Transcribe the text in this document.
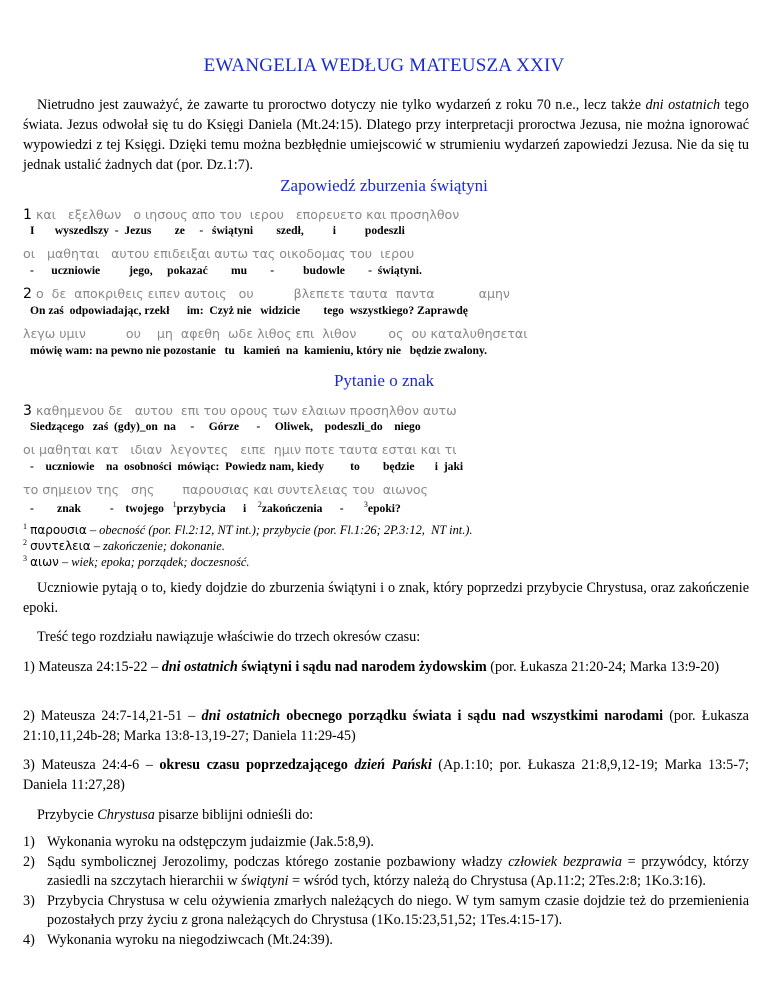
EWANGELIA WEDŁUG MATEUSZA XXIV
Nietrudno jest zauważyć, że zawarte tu proroctwo dotyczy nie tylko wydarzeń z roku 70 n.e., lecz także dni ostatnich tego świata. Jezus odwołał się tu do Księgi Daniela (Mt.24:15). Dlatego przy interpretacji proroctwa Jezusa, nie można ignorować wypowiedzi z tej Księgi. Dzięki temu można bezbłędnie umiejscowić w strumieniu wydarzeń zapowiedzi Jezusa. Nie da się tu jednak ustalić żadnych dat (por. Dz.1:7).
Zapowiedź zburzenia świątyni
1 και   εξελθων   ο ιησους απο του  ιερου   επορευετο και προσηλθον
I       wyszedłszy  -  Jezus        ze     -   świątyni        szedł,          i          podeszli
οι   μαθηται   αυτου επιδειξαι αυτω τας οικοδομας του  ιερου
-      uczniowie          jego,     pokazać        mu        -          budowle        -  świątyni.
2 ο  δε  αποκριθεις ειπεν αυτοις   ου          βλεπετε ταυτα  παντα           αμην
On zaś  odpowiadając, rzekł      im:  Czyż nie   widzicie        tego  wszystkiego? Zaprawdę
λεγω υμιν          ου    μη  αφεθη  ωδε λιθος επι  λιθον        ος  ου καταλυθησεται
mówię wam: na pewno nie pozostanie   tu   kamień  na  kamieniu, który nie   będzie zwalony.
Pytanie o znak
3 καθημενου δε   αυτου  επι του ορους των ελαιων προσηλθον αυτω
Siedzącego   zaś  (gdy)_on  na     -     Górze      -     Oliwek,    podeszli_do    niego
οι μαθηται κατ   ιδιαν  λεγοντες   ειπε  ημιν ποτε ταυτα εσται και τι
-    uczniowie    na  osobności  mówiąc:  Powiedz nam, kiedy         to        będzie       i  jaki
το σημειον της   σης       παρουσιας και συντελειας του  αιωνος
-        znak          -    twojego $^1$przybycia      i $^2$zakończenia      -	$^3$epoki?
$^1$ παρουσια – obecność (por. Fl.2:12, NT int.); przybycie (por. Fl.1:26; 2P.3:12,  NT int.).
$^2$ συντελεια – zakończenie; dokonanie.
$^3$ αιων – wiek; epoka; porządek; doczesność.
Uczniowie pytają o to, kiedy dojdzie do zburzenia świątyni i o znak, który poprzedzi przybycie Chrystusa, oraz zakończenie epoki.
Treść tego rozdziału nawiązuje właściwie do trzech okresów czasu:
1) Mateusza 24:15-22 – dni ostatnich świątyni i sądu nad narodem żydowskim (por. Łukasza 21:20-24; Marka 13:9-20)
2) Mateusza 24:7-14,21-51 – dni ostatnich obecnego porządku świata i sądu nad wszystkimi narodami (por. Łukasza 21:10,11,24b-28; Marka 13:8-13,19-27; Daniela 11:29-45)
3) Mateusza 24:4-6 – okresu czasu poprzedzającego dzień Pański (Ap.1:10; por. Łukasza 21:8,9,12-19; Marka 13:5-7; Daniela 11:27,28)
Przybycie Chrystusa pisarze biblijni odnieśli do:
1) Wykonania wyroku na odstępczym judaizmie (Jak.5:8,9).
2) Sądu symbolicznej Jerozolimy, podczas którego zostanie pozbawiony władzy człowiek bezprawia = przywódcy, którzy zasiedli na szczytach hierarchii w świątyni = wśród tych, którzy należą do Chrystusa (Ap.11:2; 2Tes.2:8; 1Ko.3:16).
3) Przybycia Chrystusa w celu ożywienia zmarłych należących do niego. W tym samym czasie dojdzie też do przemienienia pozostałych przy życiu z grona należących do Chrystusa (1Ko.15:23,51,52; 1Tes.4:15-17).
4) Wykonania wyroku na niegodziwcach (Mt.24:39).
